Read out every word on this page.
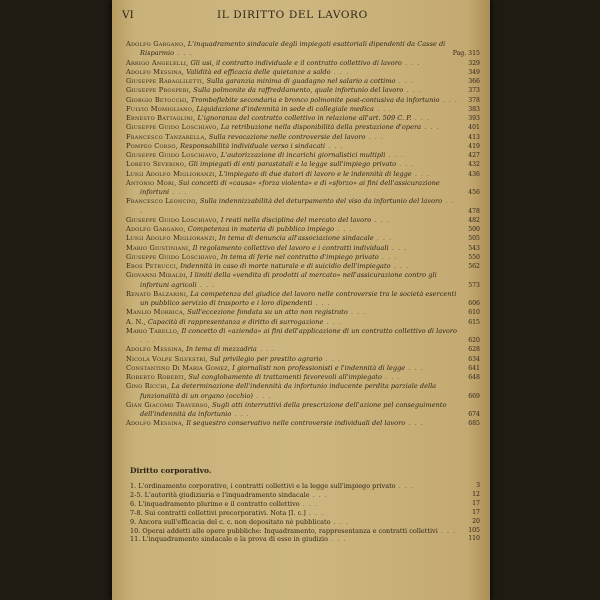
VI	IL DIRITTO DEL LAVORO
Adolfo Gargano, L'inquadramento sindacale degli impiegati esattoriali dipendenti da Casse di Risparmio . . .	Pag. 315
Arrigo Angelelli, Gli usi, il contratto individuale e il contratto collettivo di lavoro . . .	329
Adolfo Messina, Validità ed efficacia delle quietanze a saldo . . .	349
Giuseppe Rabagliletti, Sulla garanzia minima di guadagno nel salario a cottimo . . .	366
Giuseppe Prosperi, Sulla polmonite da raffreddamento, quale infortunio del lavoro . . .	373
Giorgio Betocchi, Tromboflebite secondaria e bronco polmonite post-contusiva da infortunio . . . 378
Fulvio Momigliano, Liquidazione d'indennità in sede di collegiale medica . . .	383
Ernesto Battaglini, L'ignoranza del contratto collettivo in relazione all'art. 509 C. P. . . .	393
Giuseppe Guido Loschiavo, La retribuzione nella disponibilità della prestazione d'opera . . .	401
Francesco Tanzarella, Sulla revocazione nelle controversie del lavoro . . .	413
Pompeo Corso, Responsabilità individuale verso i sindacati . . .	419
Giuseppe Guido Loschiavo, L'autorizzazione di incarichi giornalistici multipli . . .	427
Loreto Severino, Gli impiegati di enti parastatali e la legge sull'impiego privato . . .	432
Luigi Adolfo Miglioranzi, L'impiegato di due datori di lavoro e le indennità di legge . . .	436
Antonio Mori, Sui concetti di «causa» «forza violenta» e di «sforzo» ai fini dell'assicurazione infortuni . . .	456
Francesco Leoncini, Sulla indennizzabilità del deturpamento del viso da infortunio del lavoro . . .	478
Giuseppe Guido Loschiavo, I reati nella disciplina del mercato del lavoro . . .	482
Adolfo Gargano, Competenza in materia di pubblico impiego . . .	500
Luigi Adolfo Miglioranzi, In tema di denuncia all'associazione sindacale . . .	505
Mario Giustiniani, Il regolamento collettivo del lavoro e i contratti individuali . . .	543
Giuseppe Guido Loschiavo, In tema di ferie nel contratto d'impiego privato . . .	550
Eros Petrucci, Indennità in caso di morte naturale e di suicidio dell'impiegato . . .	562
Giovanni Miraldi, I limiti della «vendita di prodotti al mercato» nell'assicurazione contro gli infortuni agricoli . . .	573
Renato Balzarini, La competenza del giudice del lavoro nelle controversie tra le società esercenti un pubblico servizio di trasporto e i loro dipendenti . . .	606
Manlio Morrica, Sull'eccezione fondata su un atto non registrato . . .	610
A. N., Capacità di rappresentanza e diritto di surrogazione . . .	615
Mario Tarello, Il concetto di «azienda» ai fini dell'applicazione di un contratto collettivo di lavoro . . .	620
Adolfo Messina, In tema di mezzadria . . .	628
Nicola Volpe Silvestri, Sul privilegio per prestito agrario . . .	634
Constantino Di Maria Gomez, I giornalisti non professionisti e l'indennità di legge . . .	641
Roberto Roberti, Sul conglobamento di trattamenti favorevoli all'impiegato . . .	648
Gino Ricchi, La determinazione dell'indennità da infortunio inducente perdita parziale della funzionalità di un organo (occhio) . . .	669
Gian Giacomo Traverso, Sugli atti interruttivi della prescrizione dell'azione pel conseguimento dell'indennità da infortunio . . .	674
Adolfo Messina, Il sequestro conservativo nelle controversie individuali del lavoro . . .	685
Diritto corporativo.
1. L'ordinamento corporativo, i contratti collettivi e la legge sull'impiego privato . . .	3
2-5. L'autorità giudiziaria e l'inquadramento sindacale . . .	12
6. L'inquadramento plurimo e il contratto collettivo . . .	17
7-8. Sui contratti collettivi precorporativi. Nota [I. c.] . . .	17
9. Ancora sull'efficacia del c. c. non depositato nè pubblicato . . .	20
10. Operai addetti alle opere pubbliche: Inquadramento, rappresentanza e contratti collettivi . . . 105
11. L'inquadramento sindacale e la prova di esso in giudizio . . .	110
